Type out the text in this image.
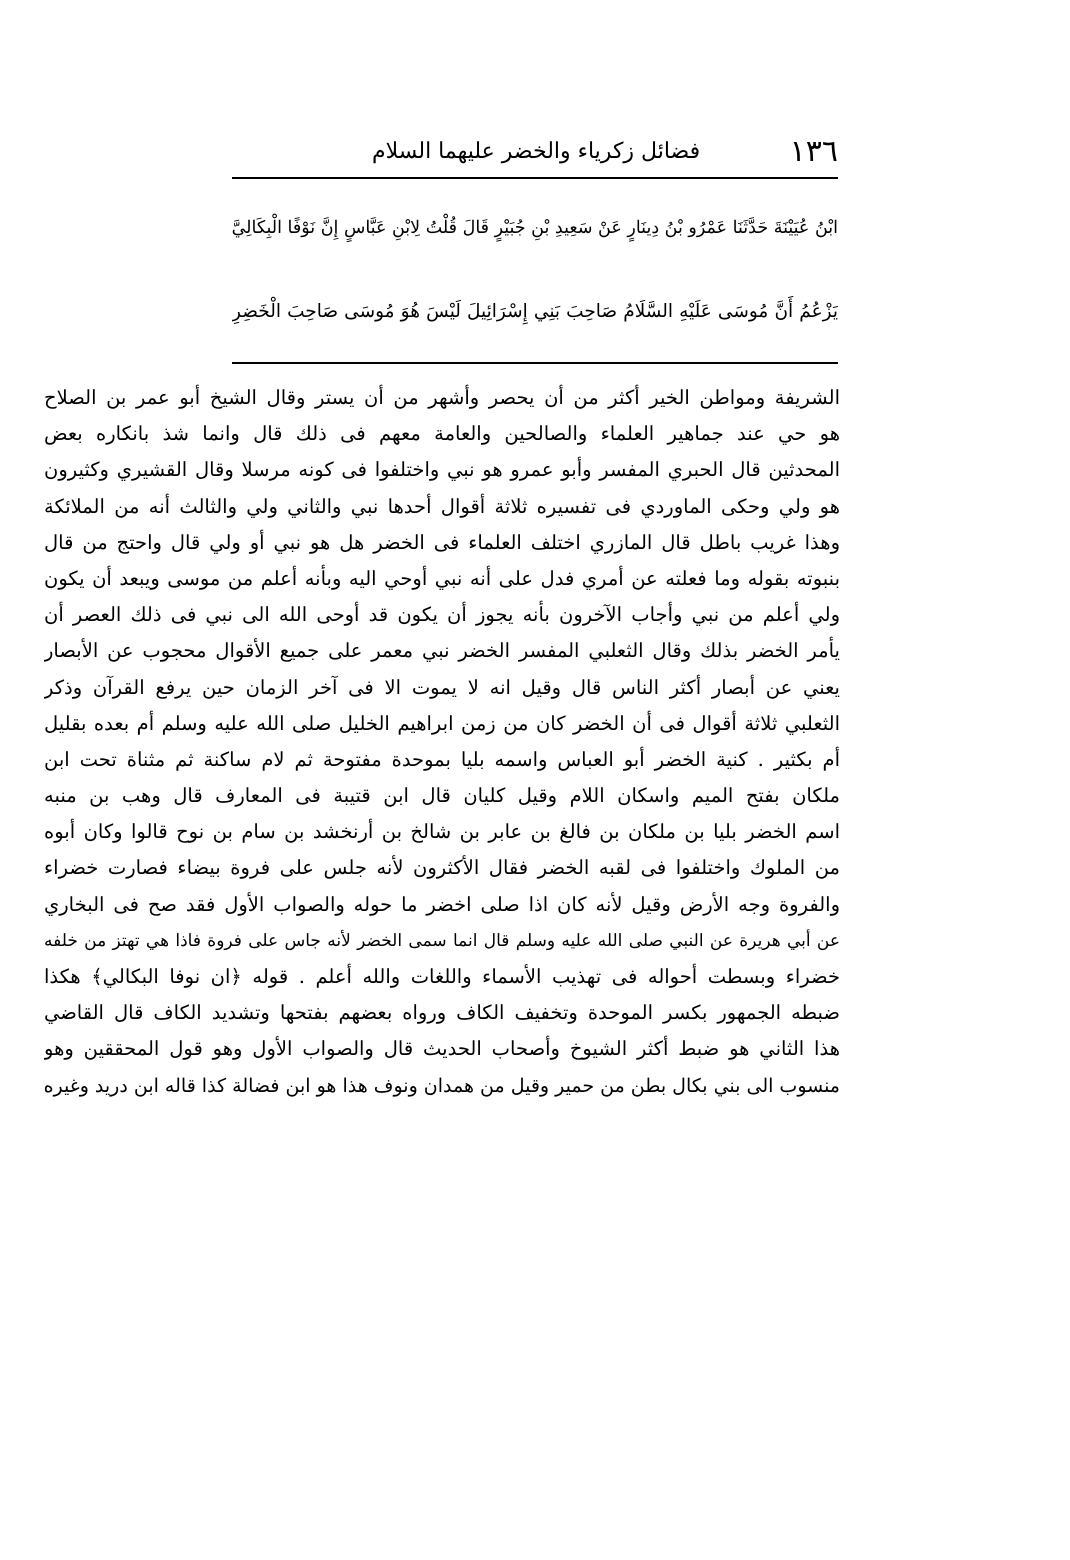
١٣٦
فضائل زكرياء والخضر عليهما السلام
ابْنُ عُيَيْنَةَ حَدَّثَنَا عَمْرُو بْنُ دِينَارٍ عَنْ سَعِيدِ بْنِ جُبَيْرٍ قَالَ قُلْتُ لِابْنِ عَبَّاسٍ إِنَّ نَوْفًا الْبِكَالِيَّ
يَزْعُمُ أَنَّ مُوسَى عَلَيْهِ السَّلَامُ صَاحِبَ بَنِي إِسْرَائِيلَ لَيْسَ هُوَ مُوسَى صَاحِبَ الْخَضِرِ
الشريفة ومواطن الخير أكثر من أن يحصر وأشهر من أن يستر وقال الشيخ أبو عمر بن الصلاح
هو حي عند جماهير العلماء والصالحين والعامة معهم فى ذلك قال وانما شذ بانكاره بعض
المحدثين قال الحبري المفسر وأبو عمرو هو نبي واختلفوا فى كونه مرسلا وقال القشيري وكثيرون
هو ولي وحكى الماوردي فى تفسيره ثلاثة أقوال أحدها نبي والثاني ولي والثالث أنه من الملائكة
وهذا غريب باطل قال المازري اختلف العلماء فى الخضر هل هو نبي أو ولي قال واحتج من قال
بنبوته بقوله وما فعلته عن أمري فدل على أنه نبي أوحي اليه وبأنه أعلم من موسى ويبعد أن يكون
ولي أعلم من نبي وأجاب الآخرون بأنه يجوز أن يكون قد أوحى الله الى نبي فى ذلك العصر أن
يأمر الخضر بذلك وقال الثعلبي المفسر الخضر نبي معمر على جميع الأقوال محجوب عن الأبصار
يعني عن أبصار أكثر الناس قال وقيل انه لا يموت الا فى آخر الزمان حين يرفع القرآن وذكر
الثعلبي ثلاثة أقوال فى أن الخضر كان من زمن ابراهيم الخليل صلى الله عليه وسلم أم بعده بقليل
أم بكثير . كنية الخضر أبو العباس واسمه بليا بموحدة مفتوحة ثم لام ساكنة ثم مثناة تحت ابن
ملكان بفتح الميم واسكان اللام وقيل كليان قال ابن قتيبة فى المعارف قال وهب بن منبه
اسم الخضر بليا بن ملكان بن فالغ بن عابر بن شالخ بن أرنخشد بن سام بن نوح قالوا وكان أبوه
من الملوك واختلفوا فى لقبه الخضر فقال الأكثرون لأنه جلس على فروة بيضاء فصارت خضراء
والفروة وجه الأرض وقيل لأنه كان اذا صلى اخضر ما حوله والصواب الأول فقد صح فى البخاري
عن أبي هريرة عن النبي صلى الله عليه وسلم قال انما سمى الخضر لأنه جاس على فروة فاذا هي تهتز من خلفه
خضراء وبسطت أحواله فى تهذيب الأسماء واللغات والله أعلم . قوله ﴿ان نوفا البكالي﴾ هكذا
ضبطه الجمهور بكسر الموحدة وتخفيف الكاف ورواه بعضهم بفتحها وتشديد الكاف قال القاضي
هذا الثاني هو ضبط أكثر الشيوخ وأصحاب الحديث قال والصواب الأول وهو قول المحققين وهو
منسوب الى بني بكال بطن من حمير وقيل من همدان ونوف هذا هو ابن فضالة كذا قاله ابن دريد وغيره
